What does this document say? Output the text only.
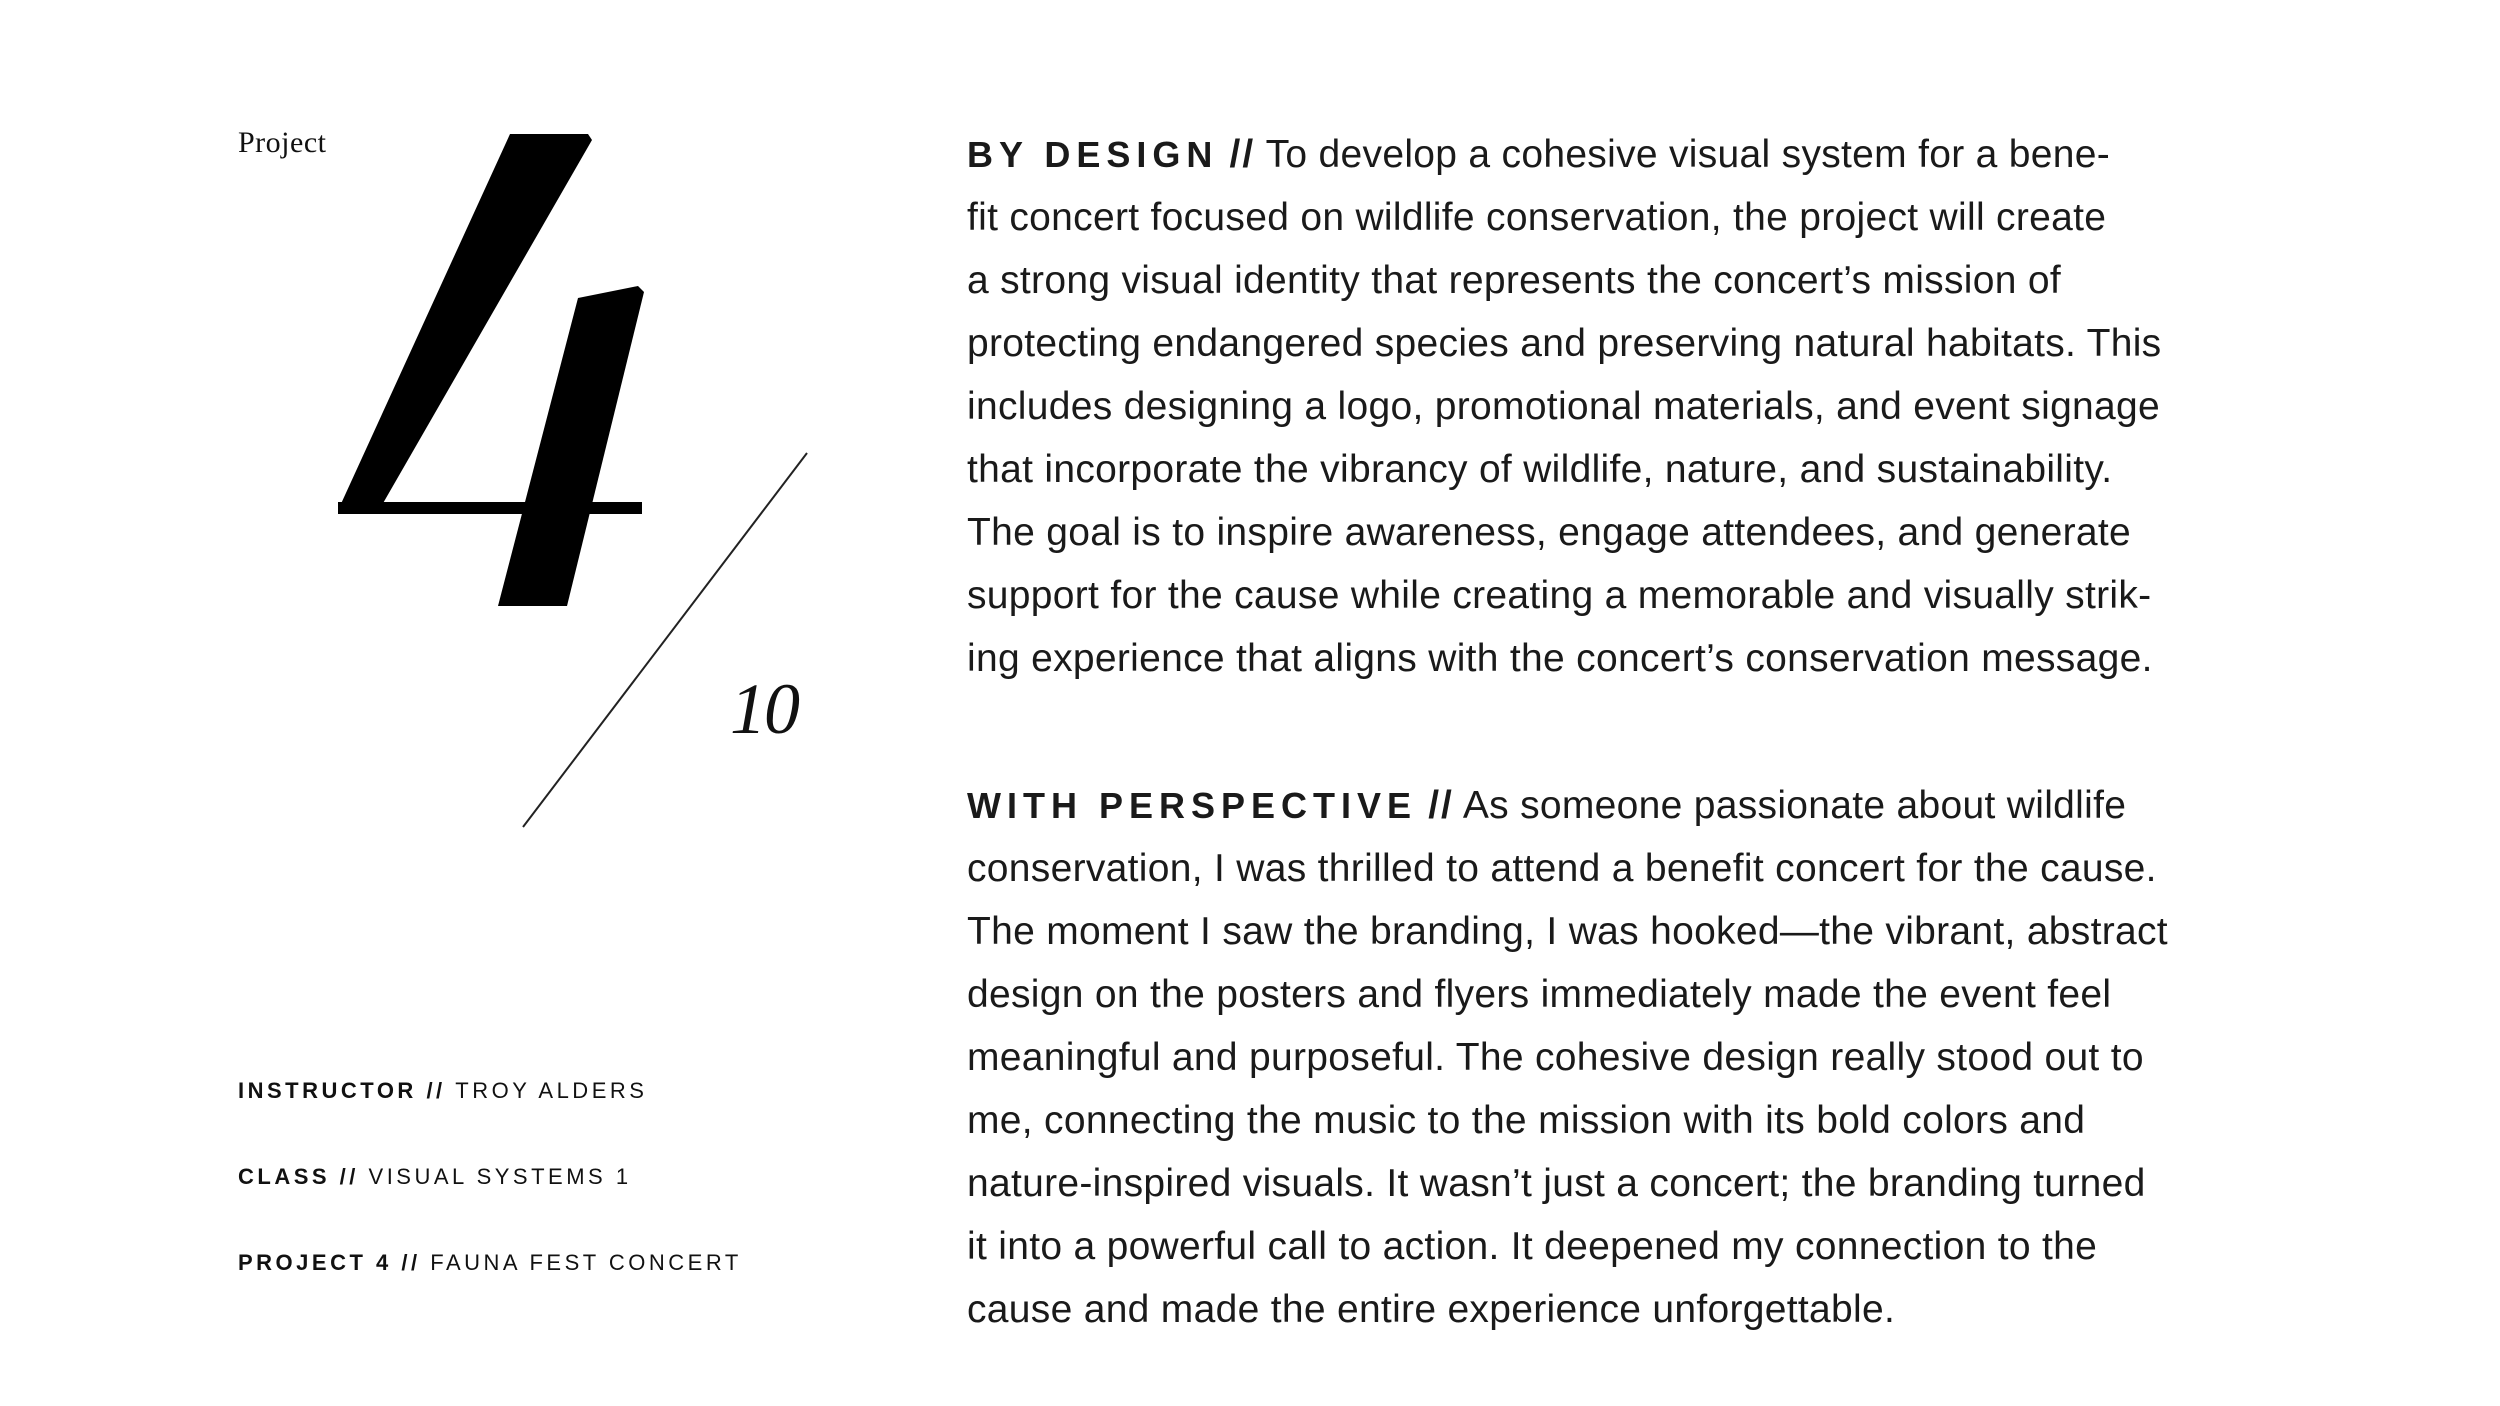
Project
4
10
INSTRUCTOR // TROY ALDERS
CLASS // VISUAL SYSTEMS 1
PROJECT 4 // FAUNA FEST CONCERT
BY DESIGN // To develop a cohesive visual system for a bene-
fit concert focused on wildlife conservation, the project will create
a strong visual identity that represents the concert’s mission of
protecting endangered species and preserving natural habitats. This
includes designing a logo, promotional materials, and event signage
that incorporate the vibrancy of wildlife, nature, and sustainability.
The goal is to inspire awareness, engage attendees, and generate
support for the cause while creating a memorable and visually strik-
ing experience that aligns with the concert’s conservation message.
WITH PERSPECTIVE // As someone passionate about wildlife
conservation, I was thrilled to attend a benefit concert for the cause.
The moment I saw the branding, I was hooked—the vibrant, abstract
design on the posters and flyers immediately made the event feel
meaningful and purposeful. The cohesive design really stood out to
me, connecting the music to the mission with its bold colors and
nature-inspired visuals. It wasn’t just a concert; the branding turned
it into a powerful call to action. It deepened my connection to the
cause and made the entire experience unforgettable.
